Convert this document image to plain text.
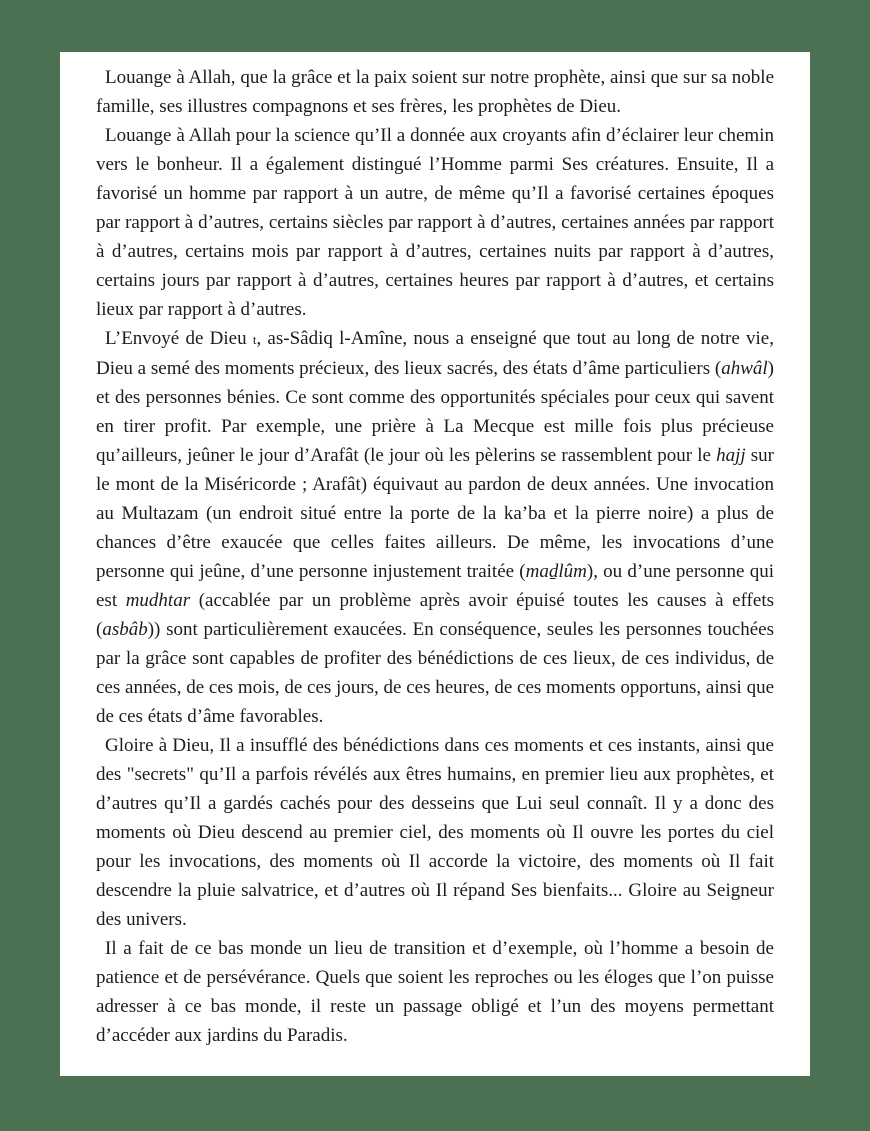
Louange à Allah, que la grâce et la paix soient sur notre prophète, ainsi que sur sa noble famille, ses illustres compagnons et ses frères, les prophètes de Dieu.

Louange à Allah pour la science qu’Il a donnée aux croyants afin d’éclairer leur chemin vers le bonheur. Il a également distingué l’Homme parmi Ses créatures. Ensuite, Il a favorisé un homme par rapport à un autre, de même qu’Il a favorisé certaines époques par rapport à d’autres, certains siècles par rapport à d’autres, certaines années par rapport à d’autres, certains mois par rapport à d’autres, certaines nuits par rapport à d’autres, certains jours par rapport à d’autres, certaines heures par rapport à d’autres, et certains lieux par rapport à d’autres.

L’Envoyé de Dieu t, as-Sâdiq l-Amîne, nous a enseigné que tout au long de notre vie, Dieu a semé des moments précieux, des lieux sacrés, des états d’âme particuliers (ahwâl) et des personnes bénies. Ce sont comme des opportunités spéciales pour ceux qui savent en tirer profit. Par exemple, une prière à La Mecque est mille fois plus précieuse qu’ailleurs, jeûner le jour d’Arafât (le jour où les pèlerins se rassemblent pour le hajj sur le mont de la Miséricorde ; Arafât) équivaut au pardon de deux années. Une invocation au Multazam (un endroit situé entre la porte de la ka’ba et la pierre noire) a plus de chances d’être exaucée que celles faites ailleurs. De même, les invocations d’une personne qui jeûne, d’une personne injustement traitée (maḏlûm), ou d’une personne qui est mudhtar (accablée par un problème après avoir épuisé toutes les causes à effets (asbâb)) sont particulièrement exaucées. En conséquence, seules les personnes touchées par la grâce sont capables de profiter des bénédictions de ces lieux, de ces individus, de ces années, de ces mois, de ces jours, de ces heures, de ces moments opportuns, ainsi que de ces états d’âme favorables.

Gloire à Dieu, Il a insufflé des bénédictions dans ces moments et ces instants, ainsi que des "secrets" qu’Il a parfois révélés aux êtres humains, en premier lieu aux prophètes, et d’autres qu’Il a gardés cachés pour des desseins que Lui seul connaît. Il y a donc des moments où Dieu descend au premier ciel, des moments où Il ouvre les portes du ciel pour les invocations, des moments où Il accorde la victoire, des moments où Il fait descendre la pluie salvatrice, et d’autres où Il répand Ses bienfaits... Gloire au Seigneur des univers.

Il a fait de ce bas monde un lieu de transition et d’exemple, où l’homme a besoin de patience et de persévérance. Quels que soient les reproches ou les éloges que l’on puisse adresser à ce bas monde, il reste un passage obligé et l’un des moyens permettant d’accéder aux jardins du Paradis.
